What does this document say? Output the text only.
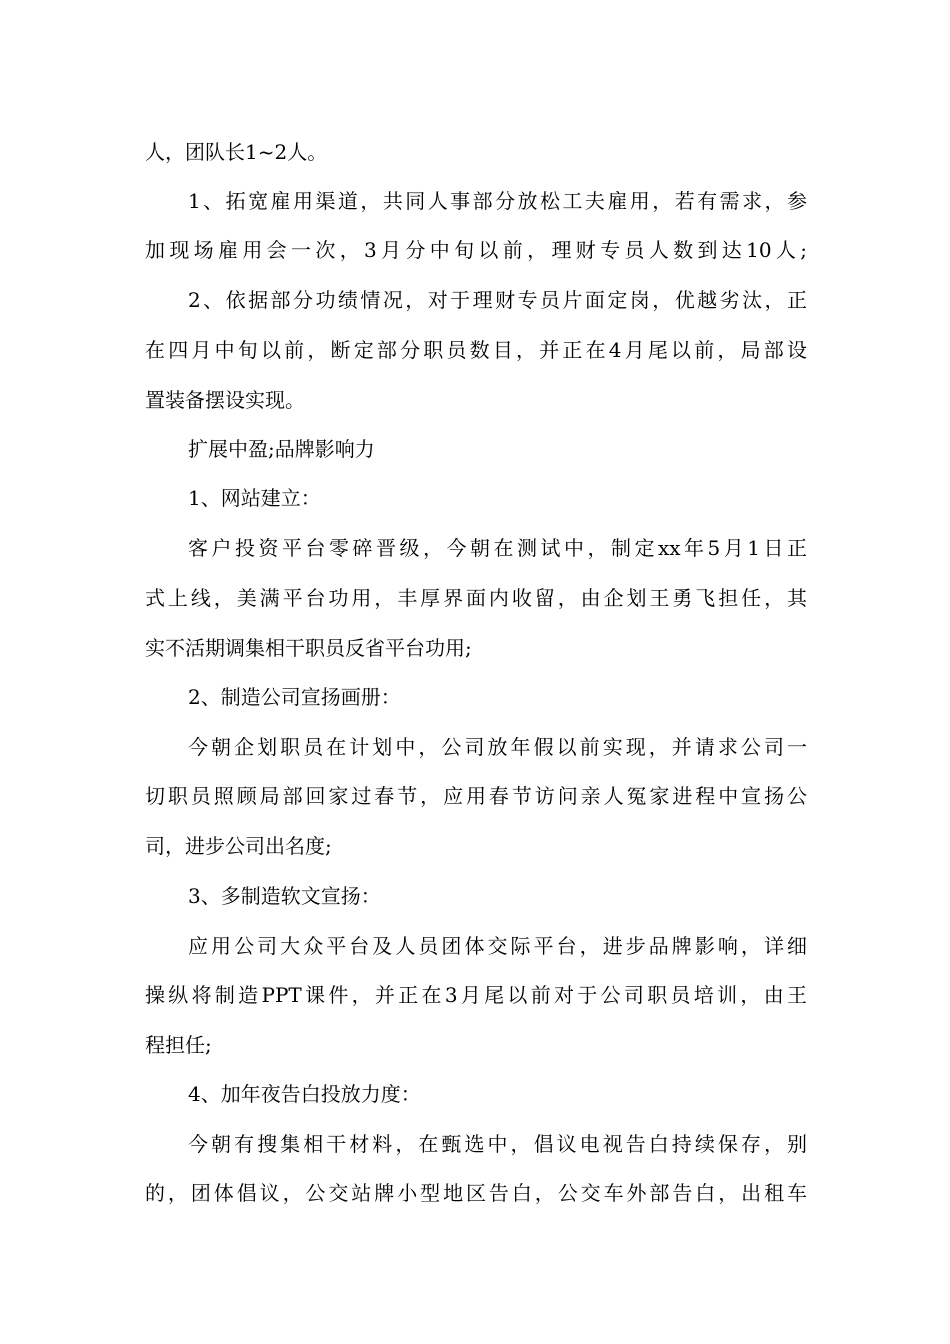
人，团队长1~2人。
1、拓宽雇用渠道，共同人事部分放松工夫雇用，若有需求，参
加现场雇用会一次，3月分中旬以前，理财专员人数到达10人;
2、依据部分功绩情况，对于理财专员片面定岗，优越劣汰，正
在四月中旬以前，断定部分职员数目，并正在4月尾以前，局部设
置装备摆设实现。
扩展中盈;品牌影响力
1、网站建立：
客户投资平台零碎晋级，今朝在测试中，制定xx年5月1日正
式上线，美满平台功用，丰厚界面内收留，由企划王勇飞担任，其
实不活期调集相干职员反省平台功用;
2、制造公司宣扬画册：
今朝企划职员在计划中，公司放年假以前实现，并请求公司一
切职员照顾局部回家过春节，应用春节访问亲人冤家进程中宣扬公
司，进步公司出名度;
3、多制造软文宣扬：
应用公司大众平台及人员团体交际平台，进步品牌影响，详细
操纵将制造PPT课件，并正在3月尾以前对于公司职员培训，由王
程担任;
4、加年夜告白投放力度：
今朝有搜集相干材料，在甄选中，倡议电视告白持续保存，别
的，团体倡议，公交站牌小型地区告白，公交车外部告白，出租车
